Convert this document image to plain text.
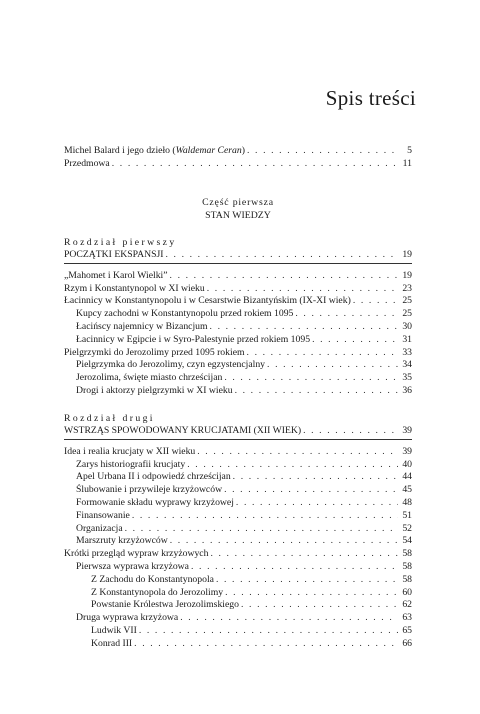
Spis treści
Michel Balard i jego dzieło (Waldemar Ceran) . . .	5
Przedmowa . . .	11
Część pierwsza
STAN WIEDZY
Rozdział pierwszy
POCZĄTKI EKSPANSJI . . .	19
„Mahomet i Karol Wielki” . . .	19
Rzym i Konstantynopol w XI wieku . . .	23
Łacinnicy w Konstantynopolu i w Cesarstwie Bizantyńskim (IX-XI wiek) . . .	25
Kupcy zachodni w Konstantynopolu przed rokiem 1095 . . .	25
Łacińscy najemnicy w Bizancjum . . .	30
Łacinnicy w Egipcie i w Syro-Palestynie przed rokiem 1095 . . .	31
Pielgrzymki do Jerozolimy przed 1095 rokiem . . .	33
Pielgrzymka do Jerozolimy, czyn egzystencjalny . . .	34
Jerozolima, święte miasto chrześcijan . . .	35
Drogi i aktorzy pielgrzymki w XI wieku . . .	36
Rozdział drugi
WSTRZĄS SPOWODOWANY KRUCJATAMI (XII WIEK) . . .	39
Idea i realia krucjaty w XII wieku . . .	39
Zarys historiografii krucjaty . . .	40
Apel Urbana II i odpowiedź chrześcijan . . .	44
Ślubowanie i przywileje krzyżowców . . .	45
Formowanie składu wyprawy krzyżowej . . .	48
Finansowanie . . .	51
Organizacja . . .	52
Marszruty krzyżowców . . .	54
Krótki przegląd wypraw krzyżowych . . .	58
Pierwsza wyprawa krzyżowa . . .	58
Z Zachodu do Konstantynopola . . .	58
Z Konstantynopola do Jerozolimy . . .	60
Powstanie Królestwa Jerozolimskiego . . .	62
Druga wyprawa krzyżowa . . .	63
Ludwik VII . . .	65
Konrad III . . .	66
